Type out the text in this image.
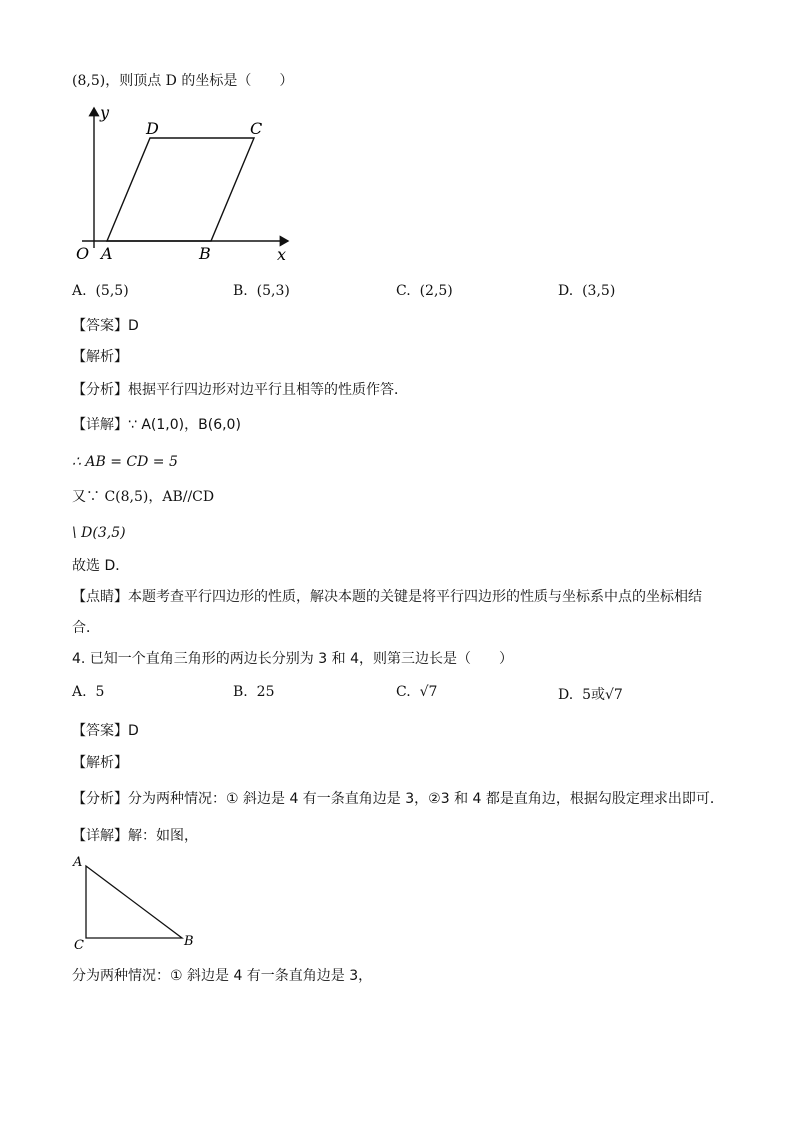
(8,5)，则顶点 D 的坐标是（　　）
y
x
O A	B
C
D
A. (5,5)	B. (5,3)	C. (2,5)	D. (3,5)
【答案】D
【解析】
【分析】根据平行四边形对边平行且相等的性质作答．
【详解】∵ A(1,0)，B(6,0)
∴ AB = CD = 5
又∵ C(8,5)，AB//CD
\ D(3,5)
故选 D．
【点睛】本题考查平行四边形的性质，解决本题的关键是将平行四边形的性质与坐标系中点的坐标相结
合．
4. 已知一个直角三角形的两边长分别为 3 和 4，则第三边长是（　　）
A. 5	B. 25	C. √7	D. 5或√7
【答案】D
【解析】
【分析】分为两种情况：① 斜边是 4 有一条直角边是 3，②3 和 4 都是直角边，根据勾股定理求出即可．
【详解】解：如图，
A
C	B
分为两种情况：① 斜边是 4 有一条直角边是 3，
